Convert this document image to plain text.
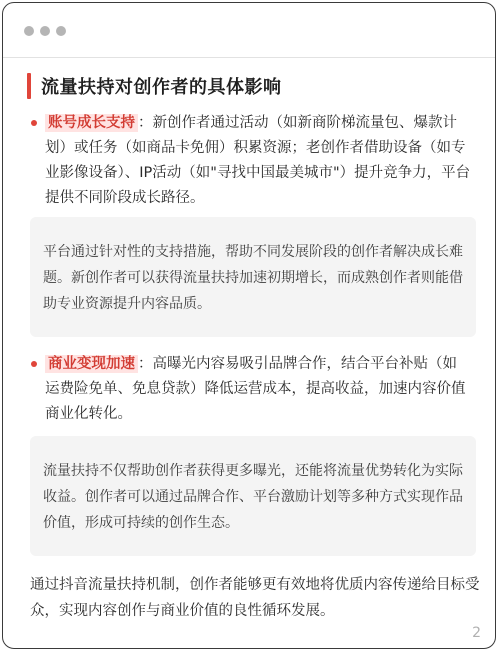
流量扶持对创作者的具体影响
账号成长支持 ：新创作者通过活动（如新商阶梯流量包、爆款计划）或任务（如商品卡免佣）积累资源；老创作者借助设备（如专业影像设备）、IP活动（如"寻找中国最美城市"）提升竞争力，平台提供不同阶段成长路径。
平台通过针对性的支持措施，帮助不同发展阶段的创作者解决成长难题。新创作者可以获得流量扶持加速初期增长，而成熟创作者则能借助专业资源提升内容品质。
商业变现加速 ：高曝光内容易吸引品牌合作，结合平台补贴（如运费险免单、免息贷款）降低运营成本，提高收益，加速内容价值商业化转化。
流量扶持不仅帮助创作者获得更多曝光，还能将流量优势转化为实际收益。创作者可以通过品牌合作、平台激励计划等多种方式实现作品价值，形成可持续的创作生态。
通过抖音流量扶持机制，创作者能够更有效地将优质内容传递给目标受众，实现内容创作与商业价值的良性循环发展。
2
